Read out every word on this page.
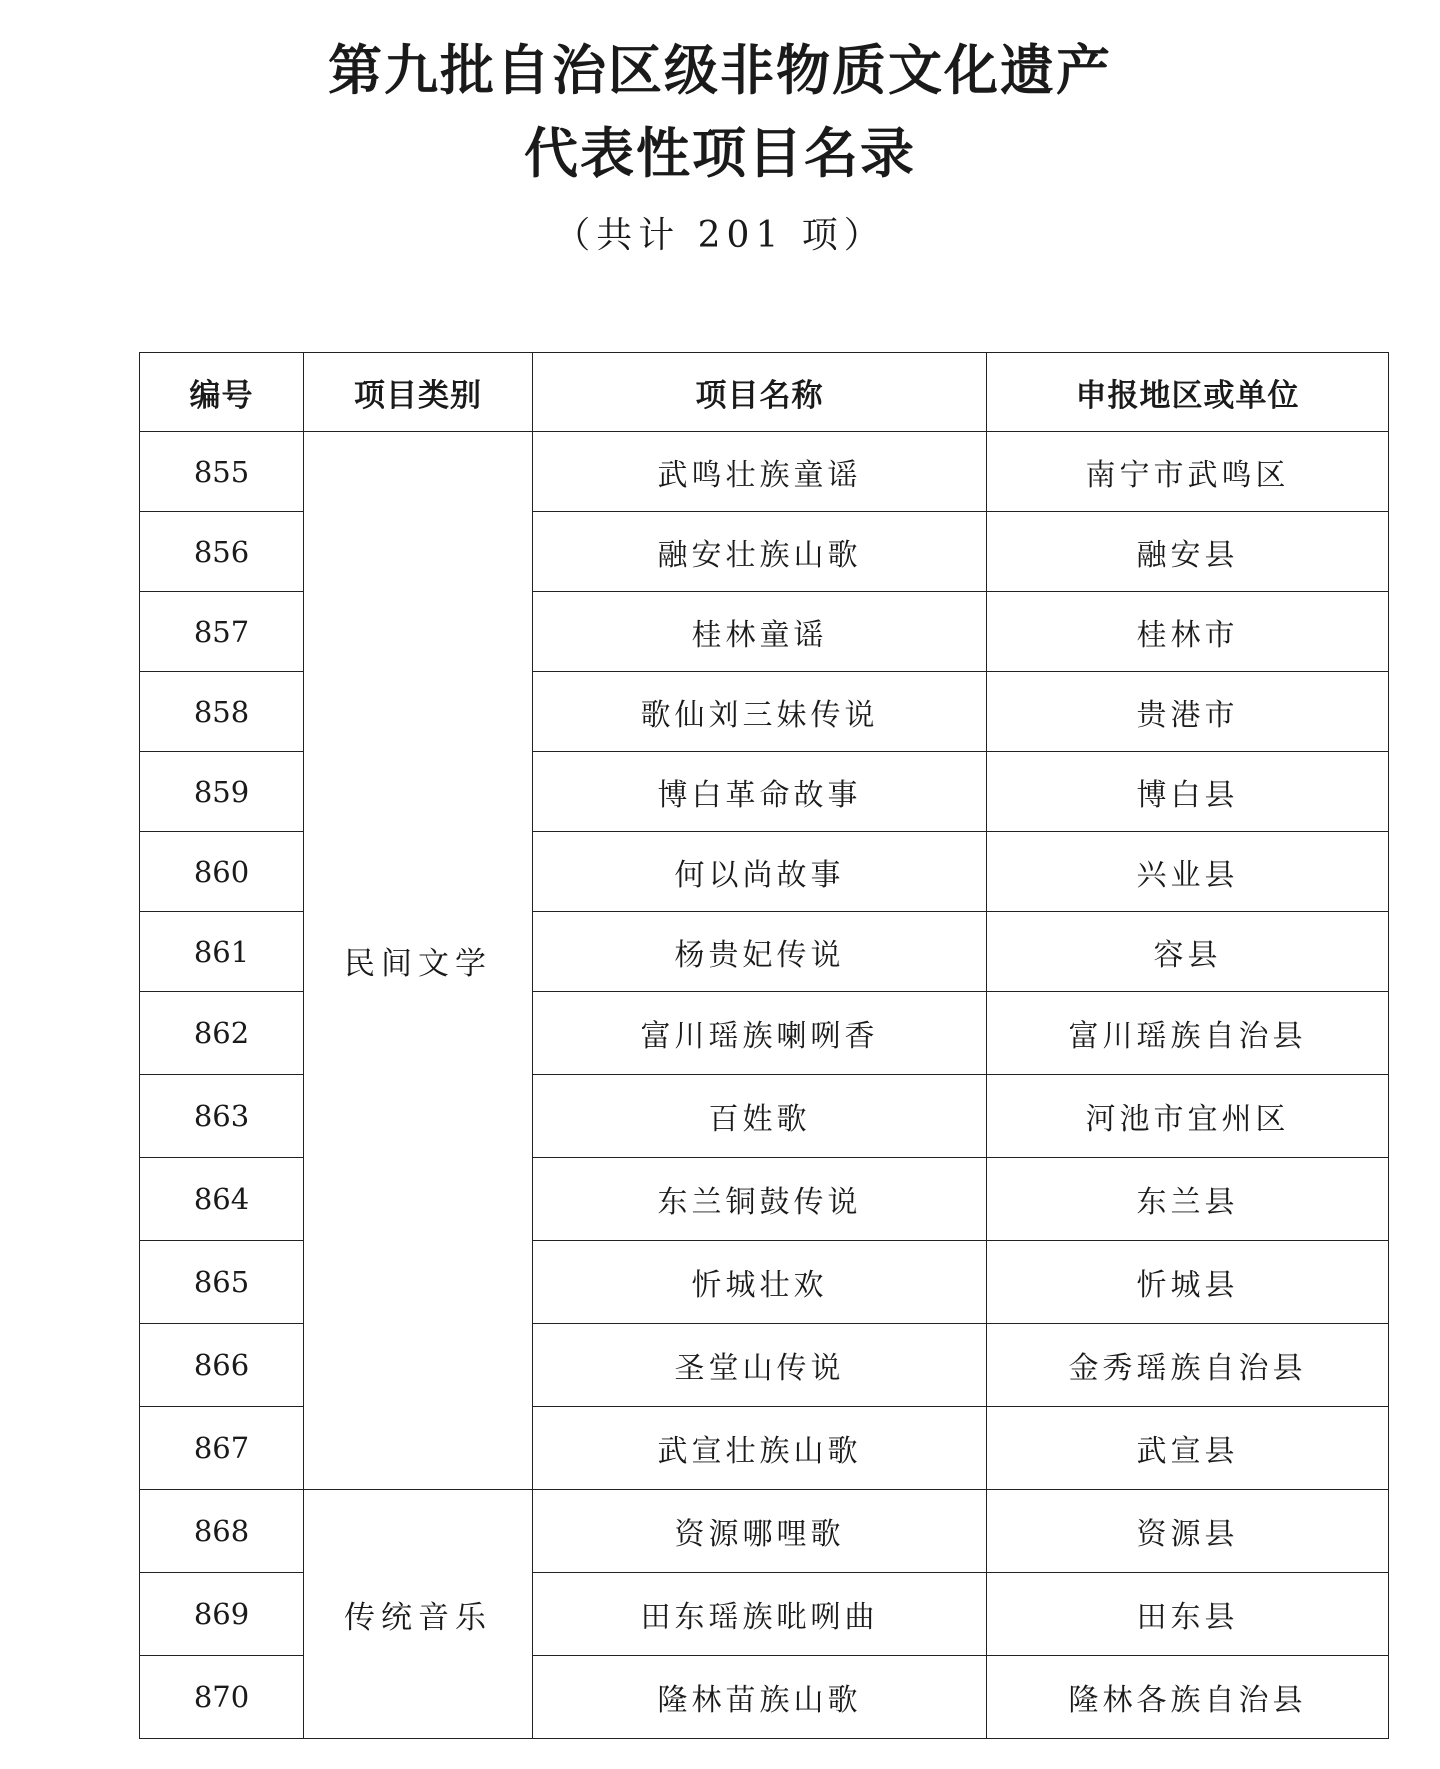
第九批自治区级非物质文化遗产
代表性项目名录
（共计 201 项）
编号	项目类别	项目名称	申报地区或单位
855	民间文学	武鸣壮族童谣	南宁市武鸣区
856		融安壮族山歌	融安县
857		桂林童谣	桂林市
858		歌仙刘三妹传说	贵港市
859		博白革命故事	博白县
860		何以尚故事	兴业县
861		杨贵妃传说	容县
862		富川瑶族喇咧香	富川瑶族自治县
863		百姓歌	河池市宜州区
864		东兰铜鼓传说	东兰县
865		忻城壮欢	忻城县
866		圣堂山传说	金秀瑶族自治县
867		武宣壮族山歌	武宣县
868	传统音乐	资源哪哩歌	资源县
869		田东瑶族吡咧曲	田东县
870		隆林苗族山歌	隆林各族自治县
